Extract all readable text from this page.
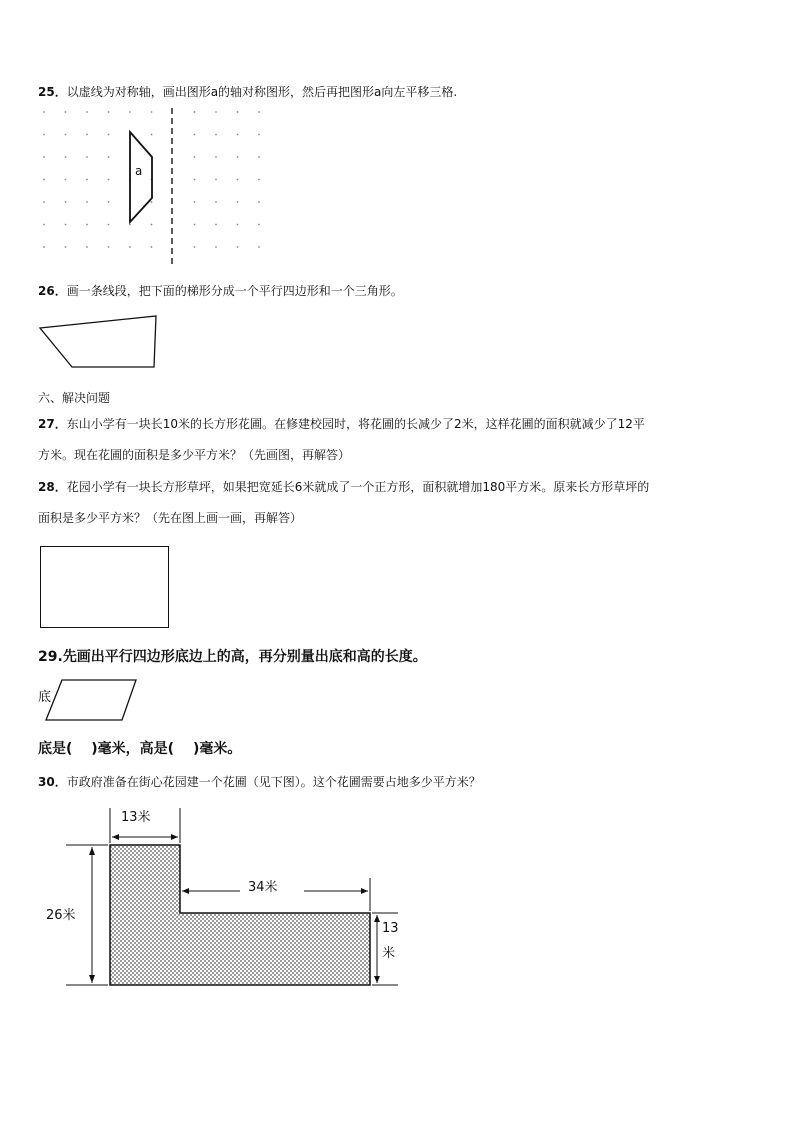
25．以虚线为对称轴，画出图形a的轴对称图形，然后再把图形a向左平移三格.
a
26．画一条线段，把下面的梯形分成一个平行四边形和一个三角形。
六、解决问题
27．东山小学有一块长10米的长方形花圃。在修建校园时，将花圃的长减少了2米，这样花圃的面积就减少了12平
方米。现在花圃的面积是多少平方米？（先画图，再解答）
28．花园小学有一块长方形草坪，如果把宽延长6米就成了一个正方形，面积就增加180平方米。原来长方形草坪的
面积是多少平方米？（先在图上画一画，再解答）
29.先画出平行四边形底边上的高，再分别量出底和高的长度。
底
底是(　 )毫米，高是(　 )毫米。
30．市政府准备在街心花园建一个花圃（见下图）。这个花圃需要占地多少平方米？
13米
26米
34米
13
米
